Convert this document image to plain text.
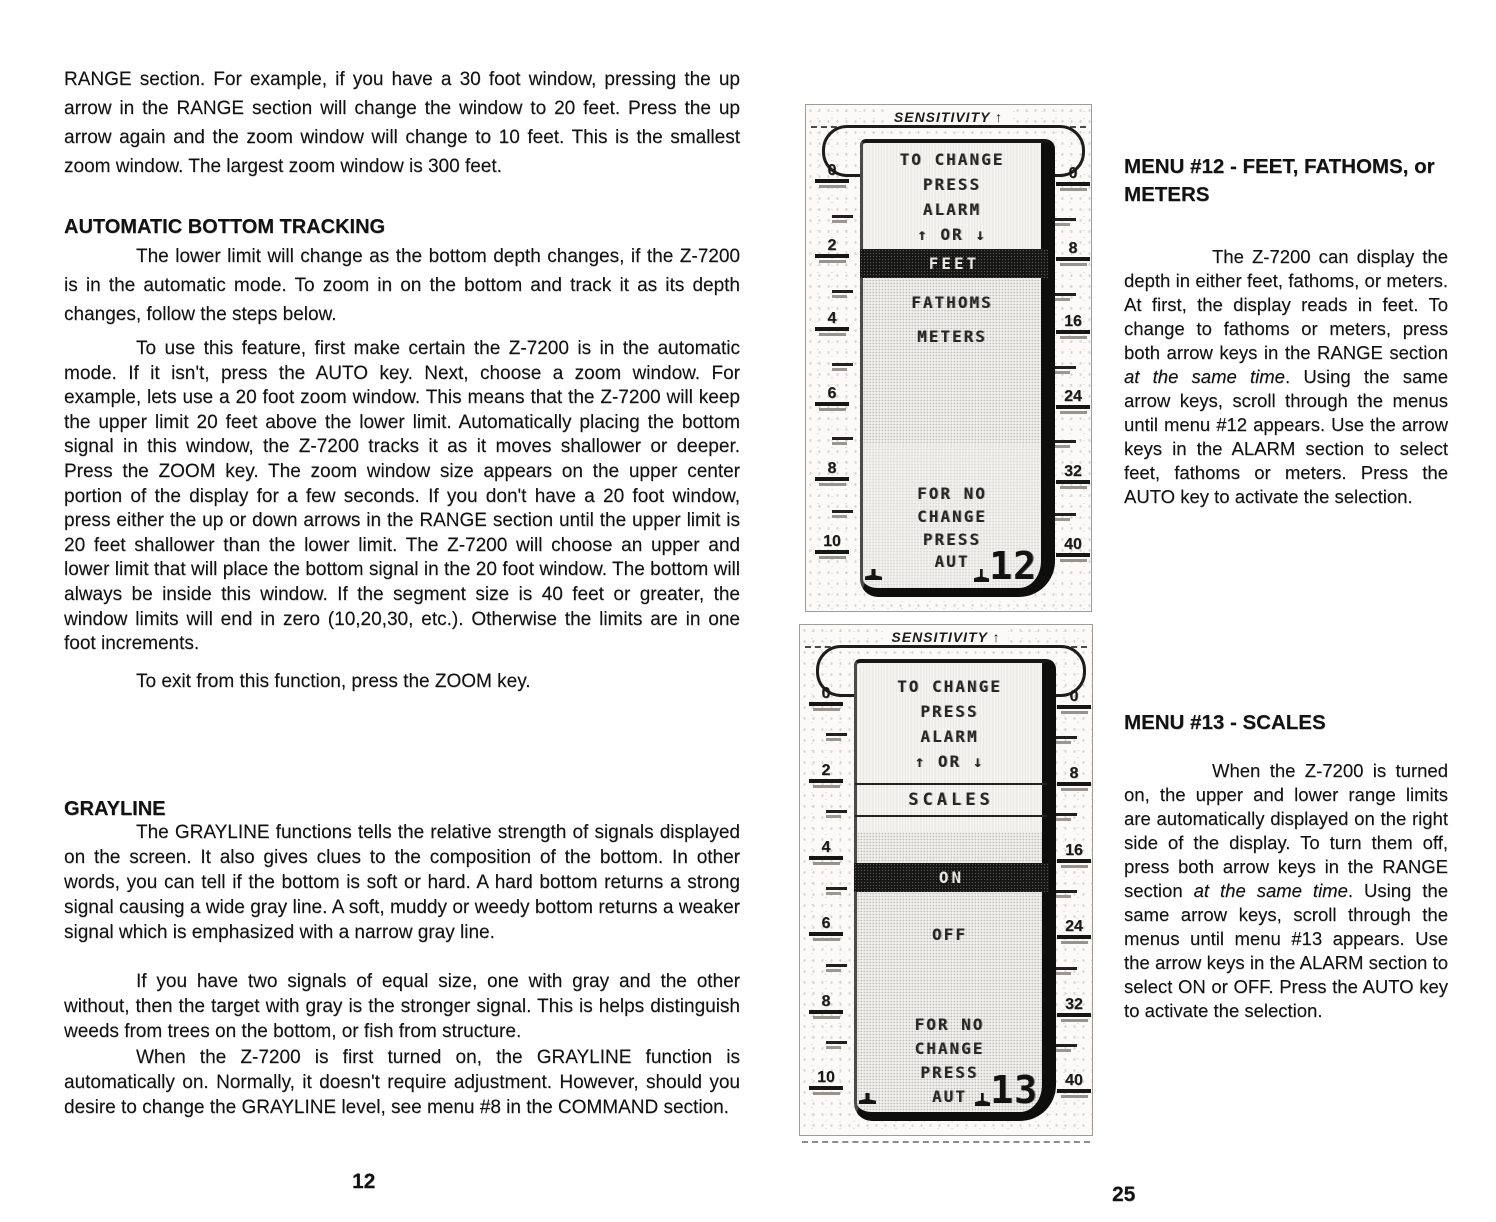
RANGE section. For example, if you have a 30 foot window, pressing the up arrow in the RANGE section will change the window to 20 feet. Press the up arrow again and the zoom window will change to 10 feet. This is the smallest zoom window. The largest zoom window is 300 feet.

AUTOMATIC BOTTOM TRACKING

The lower limit will change as the bottom depth changes, if the Z-7200 is in the automatic mode. To zoom in on the bottom and track it as its depth changes, follow the steps below.

To use this feature, first make certain the Z-7200 is in the automatic mode. If it isn't, press the AUTO key. Next, choose a zoom window. For example, lets use a 20 foot zoom window. This means that the Z-7200 will keep the upper limit 20 feet above the lower limit. Automatically placing the bottom signal in this window, the Z-7200 tracks it as it moves shallower or deeper. Press the ZOOM key. The zoom window size appears on the upper center portion of the display for a few seconds. If you don't have a 20 foot window, press either the up or down arrows in the RANGE section until the upper limit is 20 feet shallower than the lower limit. The Z-7200 will choose an upper and lower limit that will place the bottom signal in the 20 foot window. The bottom will always be inside this window. If the segment size is 40 feet or greater, the window limits will end in zero (10,20,30, etc.). Otherwise the limits are in one foot increments.

To exit from this function, press the ZOOM key.

GRAYLINE

The GRAYLINE functions tells the relative strength of signals displayed on the screen. It also gives clues to the composition of the bottom. In other words, you can tell if the bottom is soft or hard. A hard bottom returns a strong signal causing a wide gray line. A soft, muddy or weedy bottom returns a weaker signal which is emphasized with a narrow gray line.

If you have two signals of equal size, one with gray and the other without, then the target with gray is the stronger signal. This is helps distinguish weeds from trees on the bottom, or fish from structure.

When the Z-7200 is first turned on, the GRAYLINE function is automatically on. Normally, it doesn't require adjustment. However, should you desire to change the GRAYLINE level, see menu #8 in the COMMAND section.

MENU #12 - FEET, FATHOMS, or METERS

The Z-7200 can display the depth in either feet, fathoms, or meters. At first, the display reads in feet. To change to fathoms or meters, press both arrow keys in the RANGE section at the same time. Using the same arrow keys, scroll through the menus until menu #12 appears. Use the arrow keys in the ALARM section to select feet, fathoms or meters. Press the AUTO key to activate the selection.

MENU #13 - SCALES

When the Z-7200 is turned on, the upper and lower range limits are automatically displayed on the right side of the display. To turn them off, press both arrow keys in the RANGE section at the same time. Using the same arrow keys, scroll through the menus until menu #13 appears. Use the arrow keys in the ALARM section to select ON or OFF. Press the AUTO key to activate the selection.

SENSITIVITY ↑
0
2
4
6
8
10
0
8
16
24
32
40
TO CHANGE
PRESS
ALARM
↑ OR ↓
FEET
FATHOMS
METERS
FOR NO
CHANGE
PRESS
AUT 12
SENSITIVITY ↑
0
2
4
6
8
10
0
8
16
24
32
40
TO CHANGE
PRESS
ALARM
↑ OR ↓
SCALES
ON
OFF
FOR NO
CHANGE
PRESS
AUT 13
12
25
